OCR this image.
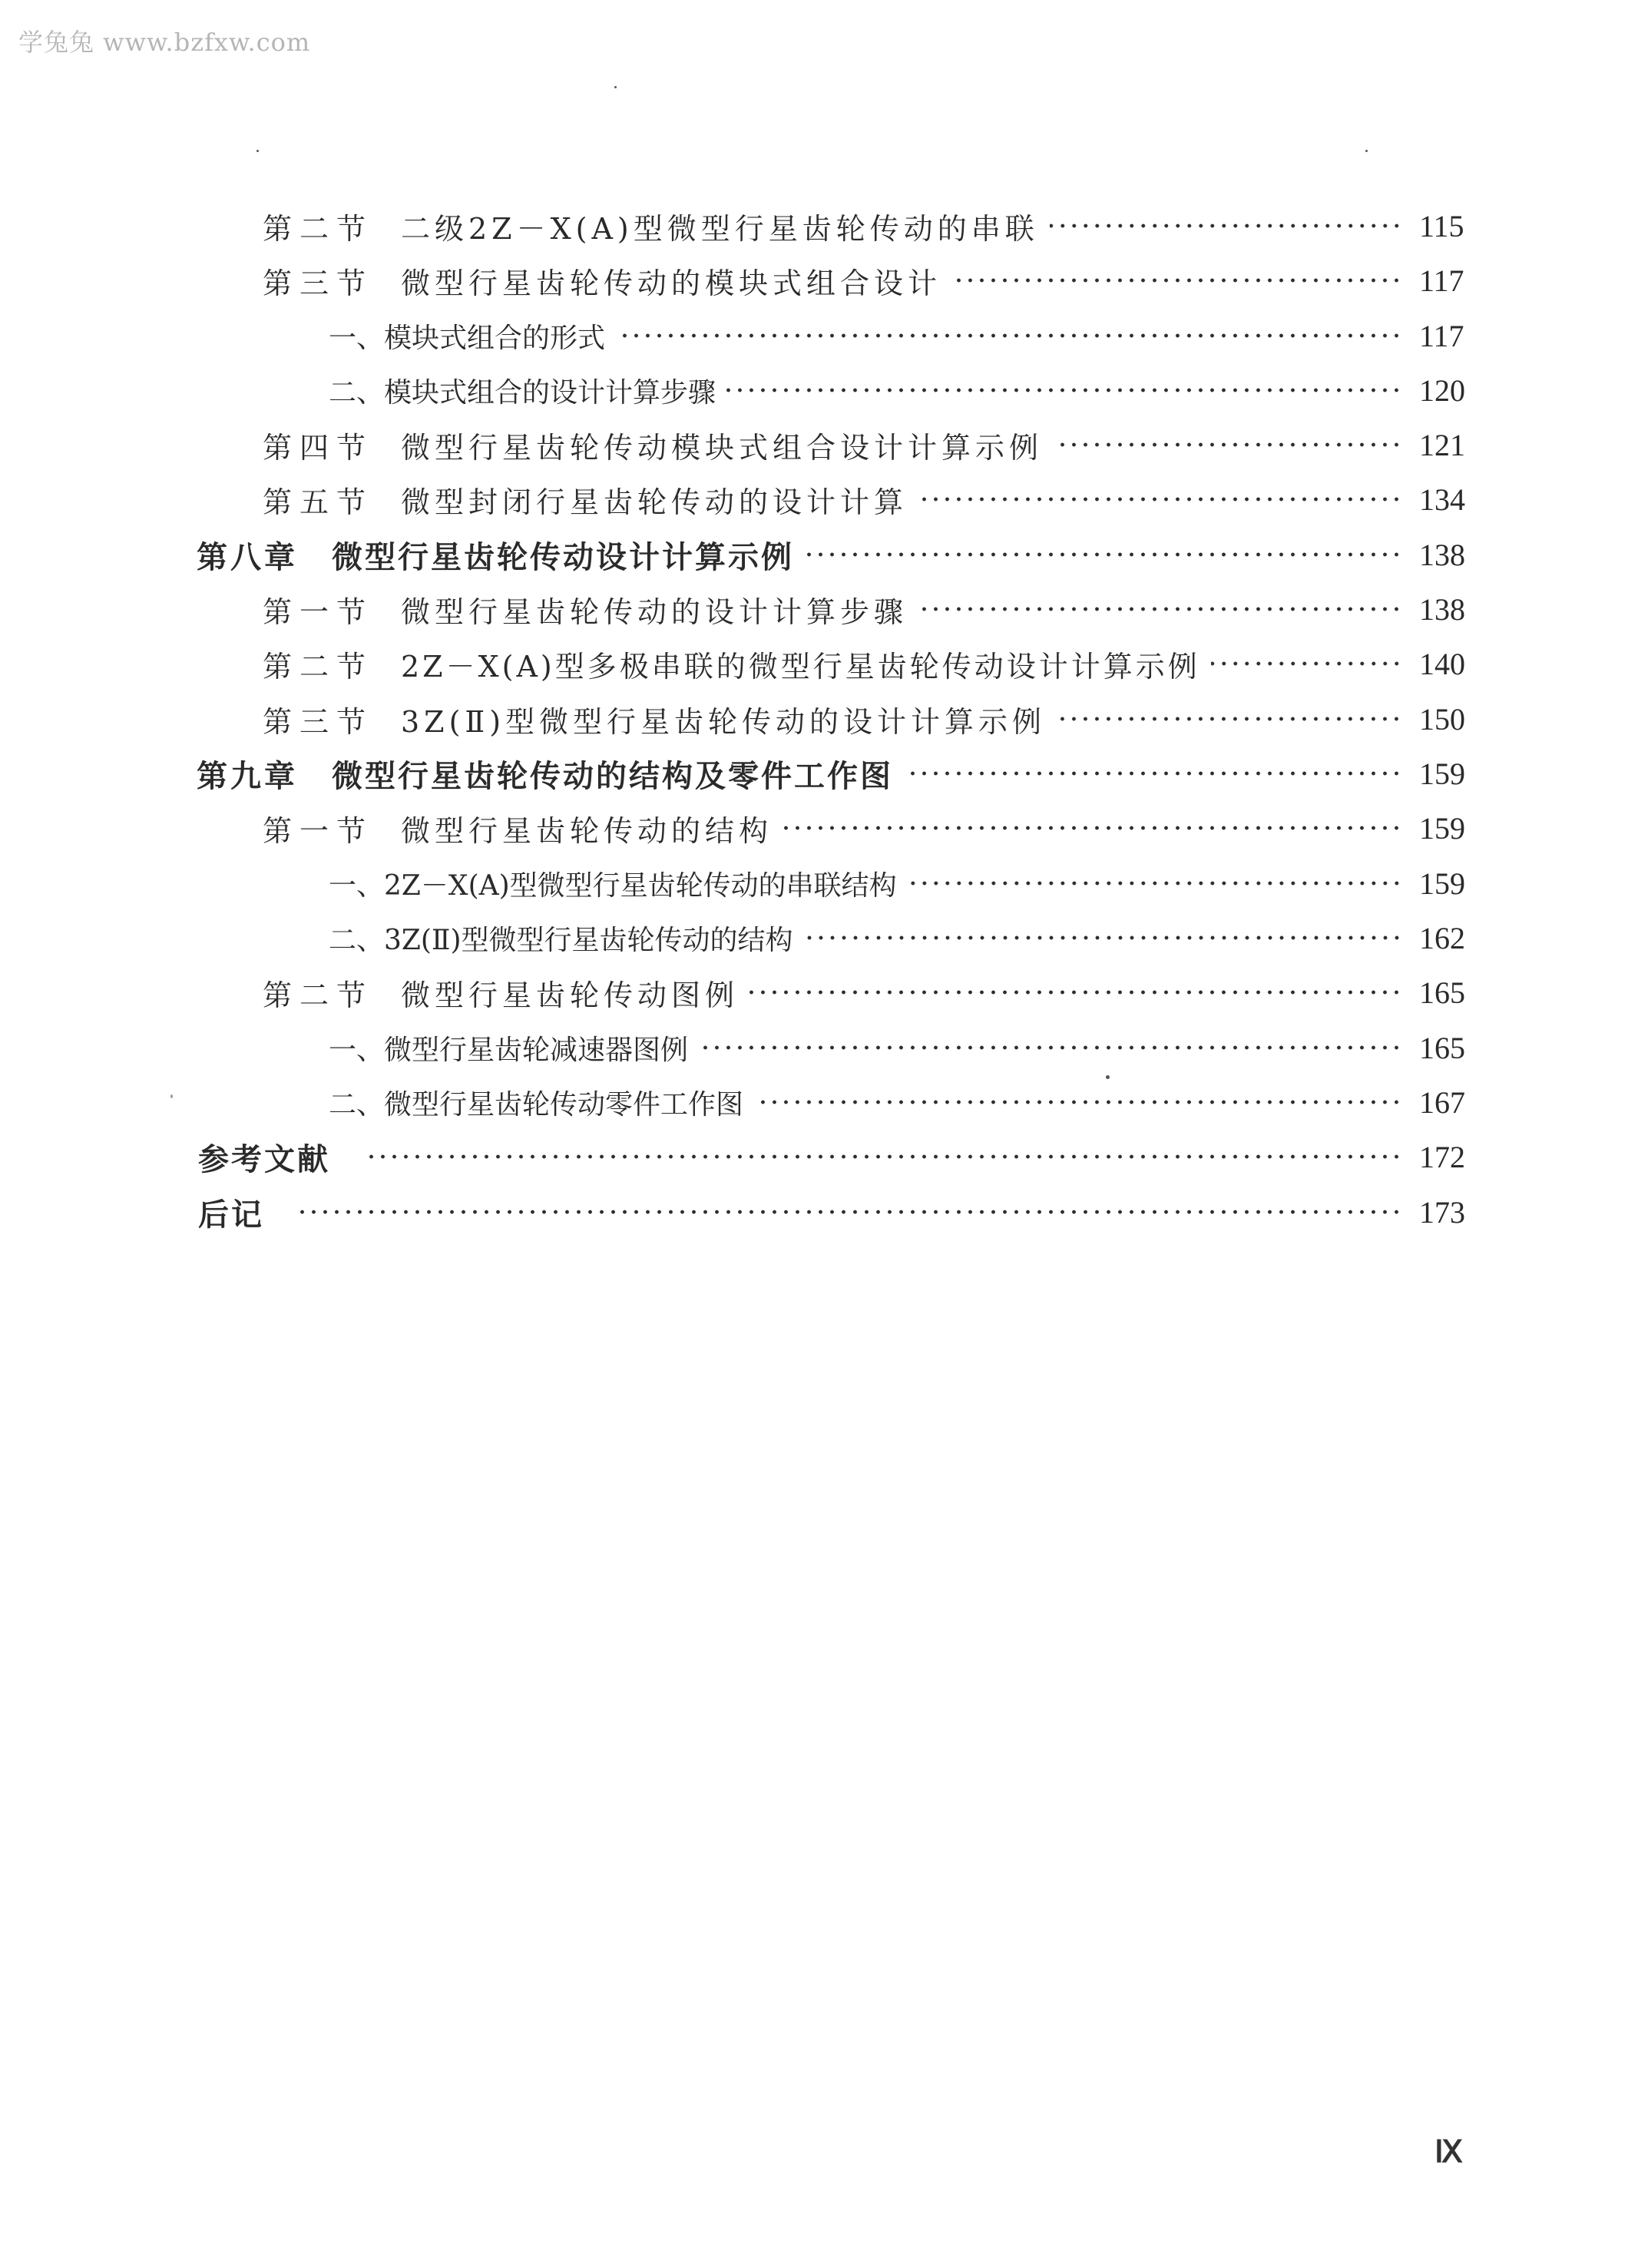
学兔兔 www.bzfxw.com
第二节 二级2Z－X(A)型微型行星齿轮传动的串联	115
第三节 微型行星齿轮传动的模块式组合设计	117
一、模块式组合的形式	117
二、模块式组合的设计计算步骤	120
第四节 微型行星齿轮传动模块式组合设计计算示例	121
第五节 微型封闭行星齿轮传动的设计计算	134
第八章 微型行星齿轮传动设计计算示例	138
第一节 微型行星齿轮传动的设计计算步骤	138
第二节 2Z－X(A)型多极串联的微型行星齿轮传动设计计算示例	140
第三节 3Z(Ⅱ)型微型行星齿轮传动的设计计算示例	150
第九章 微型行星齿轮传动的结构及零件工作图	159
第一节 微型行星齿轮传动的结构	159
一、2Z－X(A)型微型行星齿轮传动的串联结构	159
二、3Z(Ⅱ)型微型行星齿轮传动的结构	162
第二节 微型行星齿轮传动图例	165
一、微型行星齿轮减速器图例	165
二、微型行星齿轮传动零件工作图	167
参考文献	172
后记	173
Ⅸ
